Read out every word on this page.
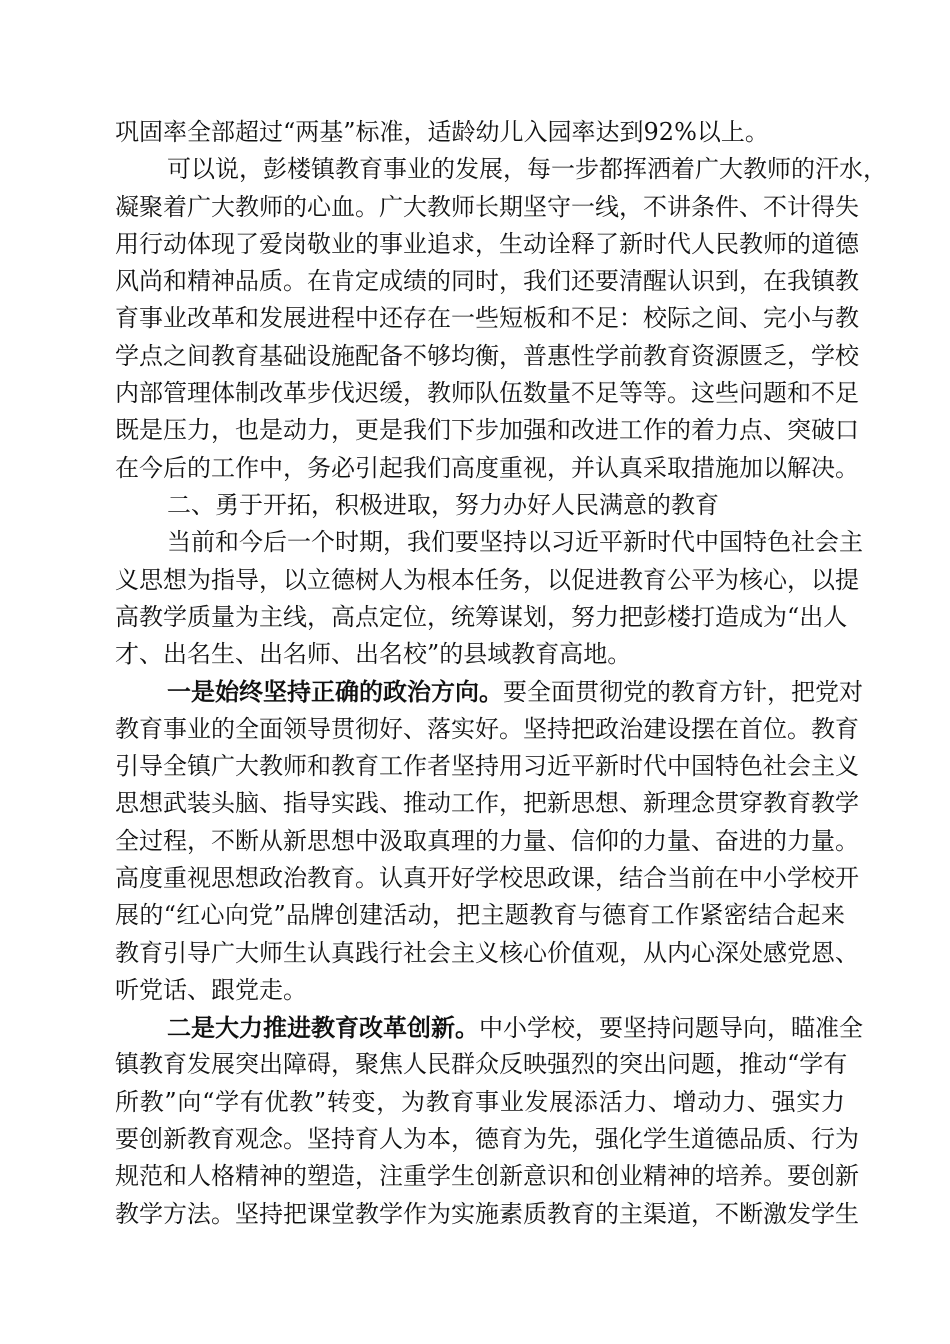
巩固率全部超过“两基”标准，适龄幼儿入园率达到92%以上。
可以说，彭楼镇教育事业的发展，每一步都挥洒着广大教师的汗水，
凝聚着广大教师的心血。广大教师长期坚守一线，不讲条件、不计得失
用行动体现了爱岗敬业的事业追求，生动诠释了新时代人民教师的道德
风尚和精神品质。在肯定成绩的同时，我们还要清醒认识到，在我镇教
育事业改革和发展进程中还存在一些短板和不足：校际之间、完小与教
学点之间教育基础设施配备不够均衡，普惠性学前教育资源匮乏，学校
内部管理体制改革步伐迟缓，教师队伍数量不足等等。这些问题和不足
既是压力，也是动力，更是我们下步加强和改进工作的着力点、突破口
在今后的工作中，务必引起我们高度重视，并认真采取措施加以解决。
二、勇于开拓，积极进取，努力办好人民满意的教育
当前和今后一个时期，我们要坚持以习近平新时代中国特色社会主
义思想为指导，以立德树人为根本任务，以促进教育公平为核心，以提
高教学质量为主线，高点定位，统筹谋划，努力把彭楼打造成为“出人
才、出名生、出名师、出名校”的县域教育高地。
一是始终坚持正确的政治方向。要全面贯彻党的教育方针，把党对
教育事业的全面领导贯彻好、落实好。坚持把政治建设摆在首位。教育
引导全镇广大教师和教育工作者坚持用习近平新时代中国特色社会主义
思想武装头脑、指导实践、推动工作，把新思想、新理念贯穿教育教学
全过程，不断从新思想中汲取真理的力量、信仰的力量、奋进的力量。
高度重视思想政治教育。认真开好学校思政课，结合当前在中小学校开
展的“红心向党”品牌创建活动，把主题教育与德育工作紧密结合起来
教育引导广大师生认真践行社会主义核心价值观，从内心深处感党恩、
听党话、跟党走。
二是大力推进教育改革创新。中小学校，要坚持问题导向，瞄准全
镇教育发展突出障碍，聚焦人民群众反映强烈的突出问题，推动“学有
所教”向“学有优教”转变，为教育事业发展添活力、增动力、强实力
要创新教育观念。坚持育人为本，德育为先，强化学生道德品质、行为
规范和人格精神的塑造，注重学生创新意识和创业精神的培养。要创新
教学方法。坚持把课堂教学作为实施素质教育的主渠道，不断激发学生
